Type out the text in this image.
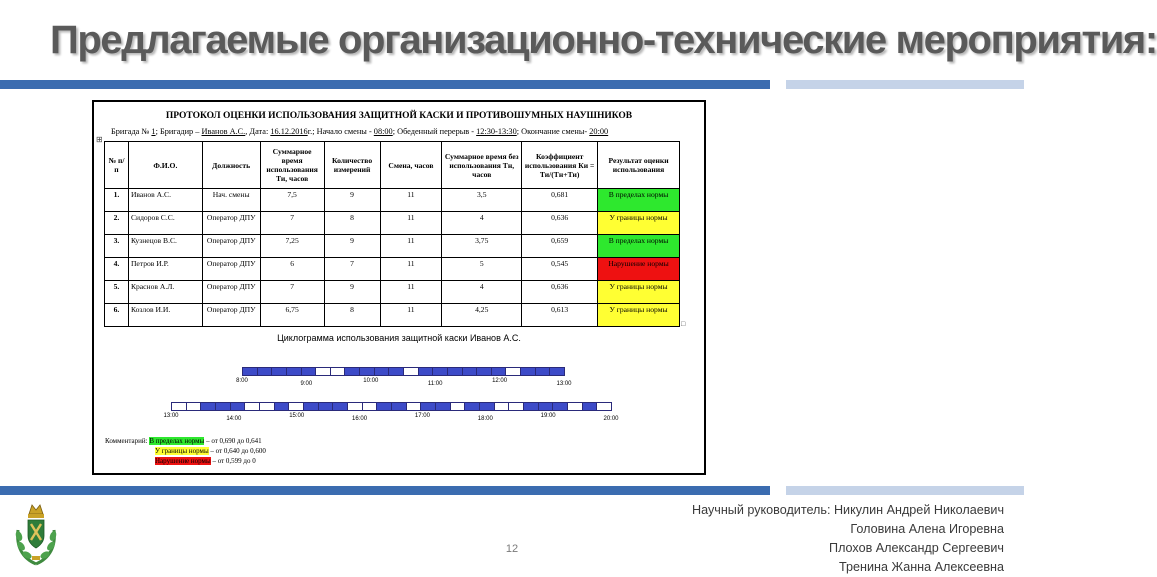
Предлагаемые организационно-технические мероприятия:
ПРОТОКОЛ ОЦЕНКИ ИСПОЛЬЗОВАНИЯ ЗАЩИТНОЙ КАСКИ И ПРОТИВОШУМНЫХ НАУШНИКОВ
⊞
Бригада № 1; Бригадир – Иванов А.С., Дата: 16.12.2016г.; Начало смены - 08:00; Обеденный перерыв - 12:30-13:30; Окончание смены- 20:00
№ п/п	Ф.И.О.	Должность	Суммарное время использования Ти, часов	Количество измерений	Смена, часов	Суммарное время без использования Тн, часов	Коэффициент использования Ки = Ти/(Тн+Ти)	Результат оценки использования
1.	Иванов А.С.	Нач. смены	7,5	9	11	3,5	0,681	В пределах нормы
2.	Сидоров С.С.	Оператор ДПУ	7	8	11	4	0,636	У границы нормы
3.	Кузнецов В.С.	Оператор ДПУ	7,25	9	11	3,75	0,659	В пределах нормы
4.	Петров И.Р.	Оператор ДПУ	6	7	11	5	0,545	Нарушение нормы
5.	Краснов А.Л.	Оператор ДПУ	7	9	11	4	0,636	У границы нормы
6.	Козлов И.И.	Оператор ДПУ	6,75	8	11	4,25	0,613	У границы нормы
□
Циклограмма использования защитной каски Иванов А.С.
8:00	9:00	10:00	11:00	12:00	13:00
13:00	14:00	15:00	16:00	17:00	18:00	19:00	20:00
Комментарий: В пределах нормы – от 0,690 до 0,641
У границы нормы – от 0,640 до 0,600
Нарушение нормы – от 0,599 до 0
12
Научный руководитель: Никулин Андрей Николаевич
Головина Алена Игоревна
Плохов Александр Сергеевич
Тренина Жанна Алексеевна
